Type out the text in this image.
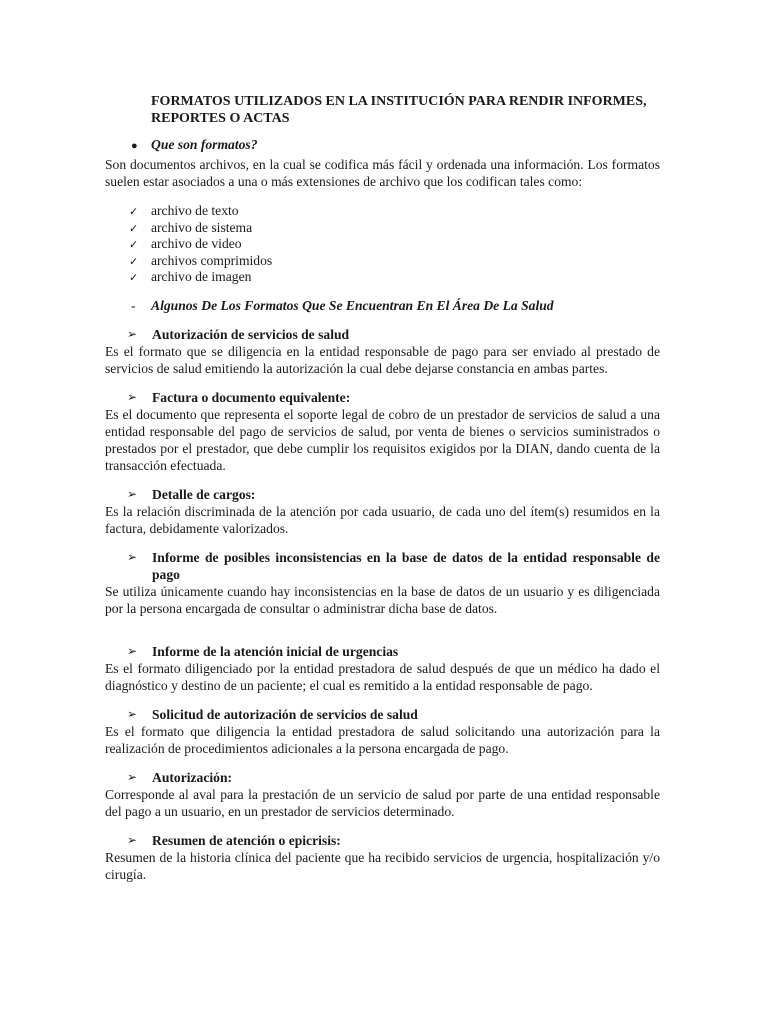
FORMATOS UTILIZADOS EN LA INSTITUCIÓN PARA RENDIR INFORMES, REPORTES O ACTAS
● Que son formatos?

Son documentos archivos, en la cual se codifica más fácil y ordenada una información. Los formatos suelen estar asociados a una o más extensiones de archivo que los codifican tales como:

✓ archivo de texto
✓ archivo de sistema
✓ archivo de video
✓ archivos comprimidos
✓ archivo de imagen
-	Algunos De Los Formatos Que Se Encuentran En El Área De La Salud
➢	Autorización de servicios de salud

Es el formato que se diligencia en la entidad responsable de pago para ser enviado al prestado de servicios de salud emitiendo la autorización la cual debe dejarse constancia en ambas partes.

➢	Factura o documento equivalente:

Es el documento que representa el soporte legal de cobro de un prestador de servicios de salud a una entidad responsable del pago de servicios de salud, por venta de bienes o servicios suministrados o prestados por el prestador, que debe cumplir los requisitos exigidos por la DIAN, dando cuenta de la transacción efectuada.

➢	Detalle de cargos:

Es la relación discriminada de la atención por cada usuario, de cada uno del ítem(s) resumidos en la factura, debidamente valorizados.

➢	Informe de posibles inconsistencias en la base de datos de la entidad responsable de pago

Se utiliza únicamente cuando hay inconsistencias en la base de datos de un usuario y es diligenciada por la persona encargada de consultar o administrar dicha base de datos.

➢	Informe de la atención inicial de urgencias

Es el formato diligenciado por la entidad prestadora de salud después de que un médico ha dado el diagnóstico y destino de un paciente; el cual es remitido a la entidad responsable de pago.

➢	Solicitud de autorización de servicios de salud

Es el formato que diligencia la entidad prestadora de salud solicitando una autorización para la realización de procedimientos adicionales a la persona encargada de pago.

➢	Autorización:

Corresponde al aval para la prestación de un servicio de salud por parte de una entidad responsable del pago a un usuario, en un prestador de servicios determinado.

➢	Resumen de atención o epicrisis:

Resumen de la historia clínica del paciente que ha recibido servicios de urgencia, hospitalización y/o cirugía.
